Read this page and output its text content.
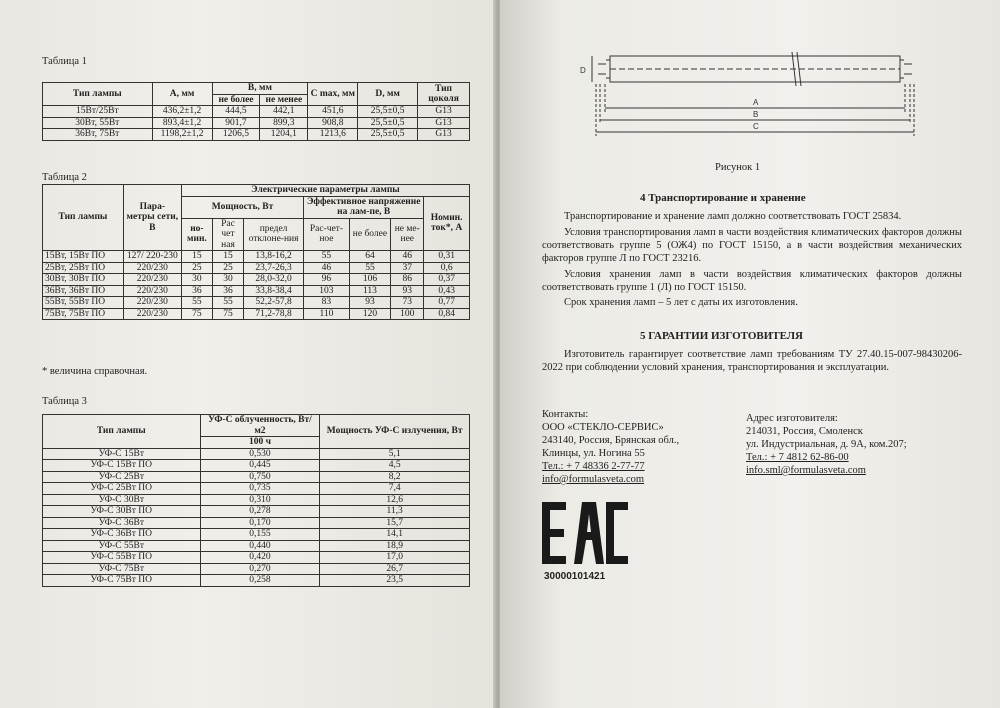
Таблица 1
Тип лампы	A, мм	B, мм		C max, мм	D, мм	Тип цоколя
		не более	не менее			
15Вт/25Вт	436,2±1,2	444,5	442,1	451,6	25,5±0,5	G13
30Вт, 55Вт	893,4±1,2	901,7	899,3	908,8	25,5±0,5	G13
36Вт, 75Вт	1198,2±1,2	1206,5	1204,1	1213,6	25,5±0,5	G13
Таблица 2
Тип лампы	Пара-метры сети, В	Электрические параметры лампы						
		Мощность, Вт			Эффективное напряжение на лам-пе, В			Номин. ток*, А
		но-мин.	Рас чет ная	предел отклоне-ния	Рас-чет-ное	не более	не ме-нее	
15Вт, 15Вт ПО	127/ 220-230	15	15	13,8-16,2	55	64	46	0,31
25Вт, 25Вт ПО	220/230	25	25	23,7-26,3	46	55	37	0,6
30Вт, 30Вт ПО	220/230	30	30	28,0-32,0	96	106	86	0,37
36Вт, 36Вт ПО	220/230	36	36	33,8-38,4	103	113	93	0,43
55Вт, 55Вт ПО	220/230	55	55	52,2-57,8	83	93	73	0,77
75Вт, 75Вт ПО	220/230	75	75	71,2-78,8	110	120	100	0,84
* величина справочная.
Таблица 3
Тип лампы	УФ-С облученность, Вт/м2	Мощность УФ-С излучения, Вт
	100 ч	
УФ-С 15Вт	0,530	5,1
УФ-С 15Вт ПО	0,445	4,5
УФ-С 25Вт	0,750	8,2
УФ-С 25Вт ПО	0,735	7,4
УФ-С 30Вт	0,310	12,6
УФ-С 30Вт ПО	0,278	11,3
УФ-С 36Вт	0,170	15,7
УФ-С 36Вт ПО	0,155	14,1
УФ-С 55Вт	0,440	18,9
УФ-С 55Вт ПО	0,420	17,0
УФ-С 75Вт	0,270	26,7
УФ-С 75Вт ПО	0,258	23,5
D
A
B
C
Рисунок 1
4 Транспортирование и хранение
Транспортирование и хранение ламп должно соответствовать ГОСТ 25834.
Условия транспортирования ламп в части воздействия климатических факторов должны соответствовать группе 5 (ОЖ4) по ГОСТ 15150, а в части воздействия механических факторов группе Л по ГОСТ 23216.
Условия хранения ламп в части воздействия климатических факторов должны соответствовать группе 1 (Л) по ГОСТ 15150.
Срок хранения ламп – 5 лет с даты их изготовления.
5 ГАРАНТИИ ИЗГОТОВИТЕЛЯ
Изготовитель гарантирует соответствие ламп требованиям ТУ 27.40.15-007-98430206-2022 при соблюдении условий хранения, транспортирования и эксплуатации.
Контакты:
ООО «СТЕКЛО-СЕРВИС»
243140, Россия, Брянская обл.,
Клинцы, ул. Ногина 55
Тел.: + 7 48336 2-77-77
info@formulasveta.com
Адрес изготовителя:
214031, Россия, Смоленск
ул. Индустриальная, д. 9А, ком.207;
Тел.: + 7 4812 62-86-00
info.sml@formulasveta.com
30000101421
